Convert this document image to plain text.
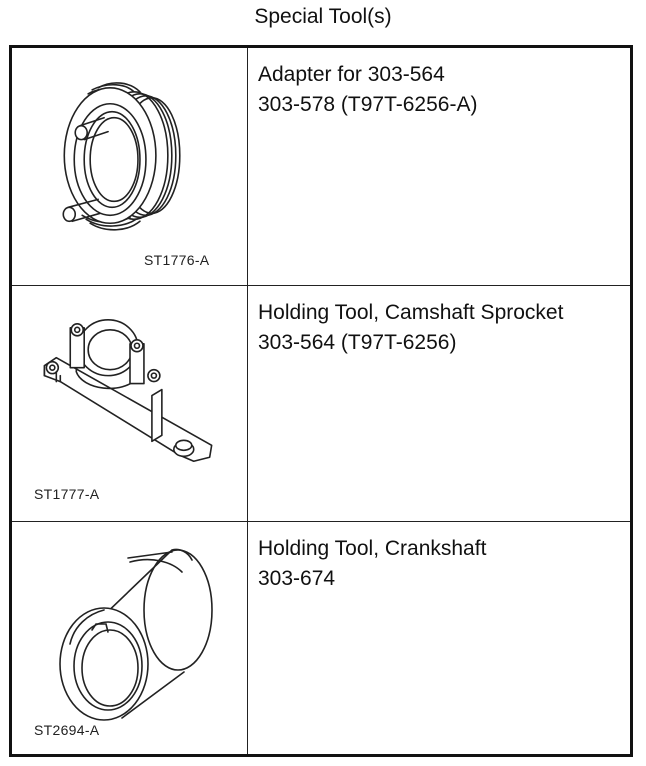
Special Tool(s)
ST1776-A
Adapter for 303-564
303-578 (T97T-6256-A)
ST1777-A
Holding Tool, Camshaft Sprocket
303-564 (T97T-6256)
ST2694-A
Holding Tool, Crankshaft
303-674
